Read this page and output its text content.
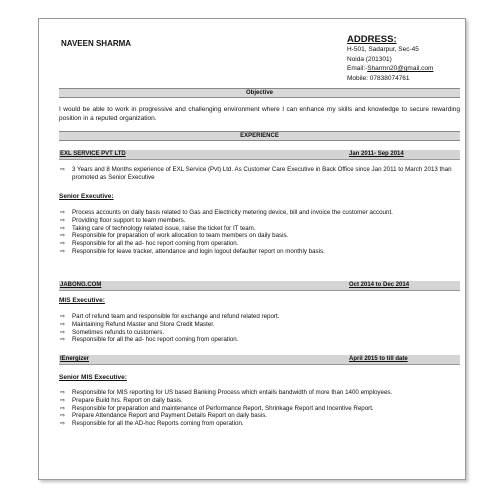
NAVEEN SHARMA	ADDRESS:
H-501, Sadarpur, Sec-45
Noida (201301)
Email:-Sharmn20@gmail.com
Mobile: 07838074761
Objective
I would be able to work in progressive and challenging environment where I can enhance my skills and knowledge to secure rewarding position in a reputed organization.
EXPERIENCE
EXL SERVICE PVT LTD	Jan 2011- Sep 2014
⇨ 3 Years and 8 Months experience of EXL Service (Pvt) Ltd. As Customer Care Executive in Back Office since Jan 2011 to March 2013 than promoted as Senior Executive
Senior Executive:
⇨ Process accounts on daily basis related to Gas and Electricity metering device, bill and invoice the customer account.
⇨ Providing floor support to team members.
⇨ Taking care of technology related issue, raise the ticket for IT team.
⇨ Responsible for preparation of work allocation to team members on daily basis.
⇨ Responsible for all the ad- hoc report coming from operation.
⇨ Responsible for leave tracker, attendance and login logout defaulter report on monthly basis.
JABONG.COM	Oct 2014 to Dec 2014
MIS Executive:
⇨ Part of refund team and responsible for exchange and refund related report.
⇨ Maintaining Refund Master and Store Credit Master.
⇨ Sometimes refunds to customers.
⇨ Responsible for all the ad- hoc report coming from operation.
IEnergizer	April 2015 to till date
Senior MIS Executive:
⇨ Responsible for MIS reporting for US based Banking Process which entails bandwidth of more than 1400 employees.
⇨ Prepare Build hrs. Report on daily basis.
⇨ Responsible for preparation and maintenance of Performance Report, Shrinkage Report and Incentive Report.
⇨ Prepare Attendance Report and Payment Details Report on daily basis.
⇨ Responsible for all the AD-hoc Reports coming from operation.
